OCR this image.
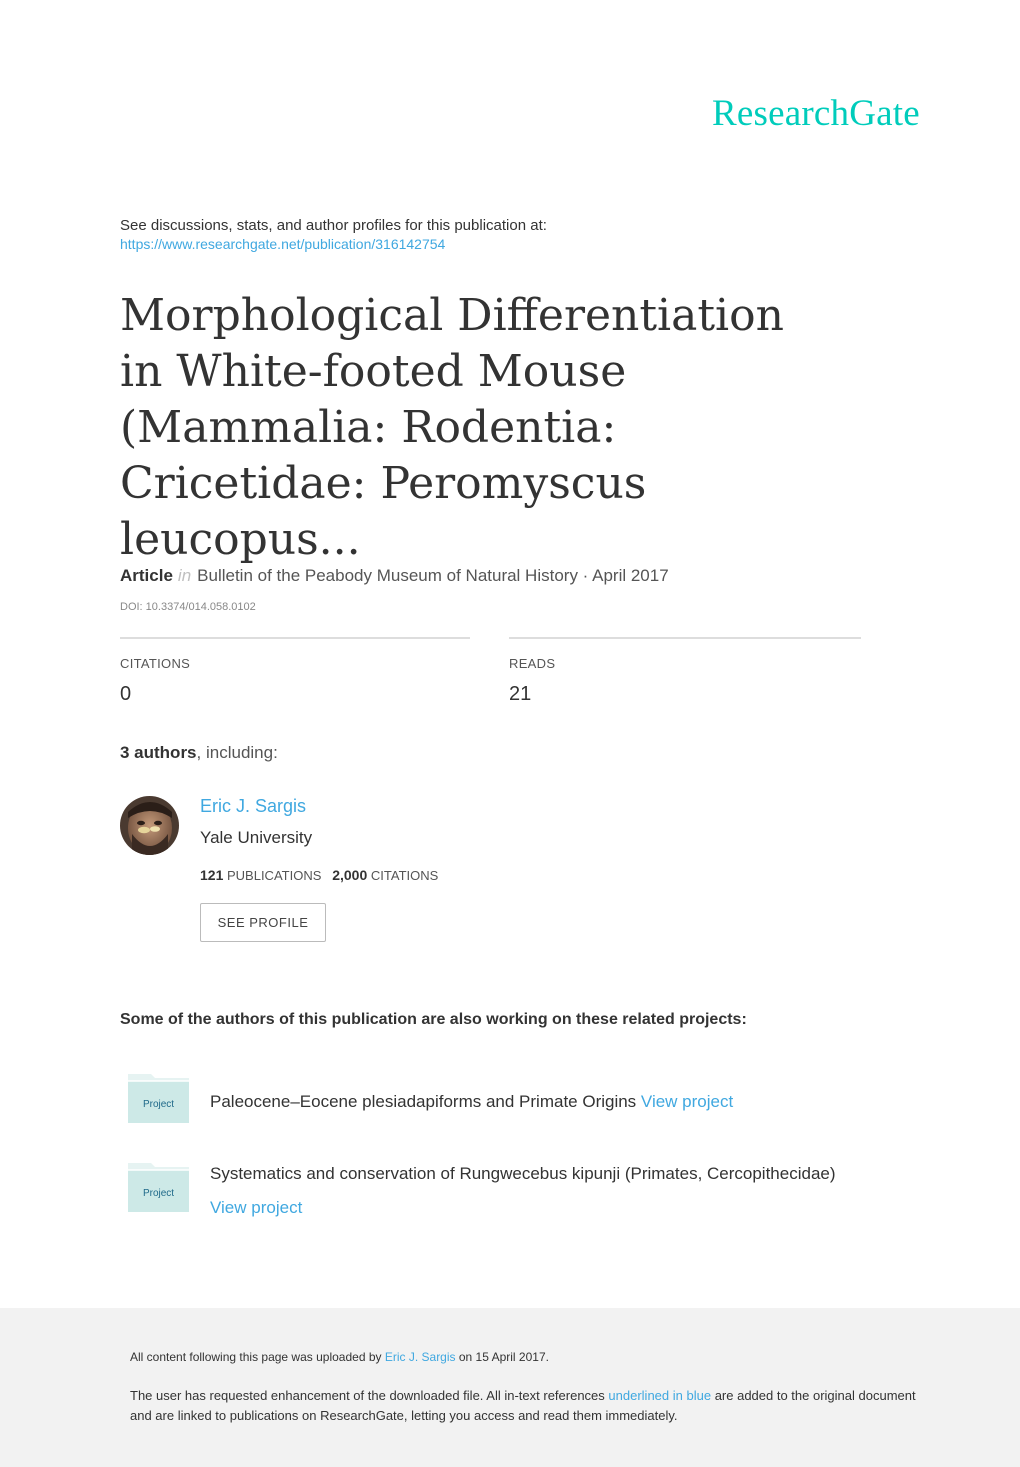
ResearchGate
See discussions, stats, and author profiles for this publication at:
https://www.researchgate.net/publication/316142754
Morphological Differentiation in White-footed Mouse (Mammalia: Rodentia: Cricetidae: Peromyscus leucopus...
Article in Bulletin of the Peabody Museum of Natural History · April 2017
DOI: 10.3374/014.058.0102
CITATIONS
0
READS
21
3 authors, including:
Eric J. Sargis
Yale University
121 PUBLICATIONS 2,000 CITATIONS
SEE PROFILE
Some of the authors of this publication are also working on these related projects:
Project Paleocene–Eocene plesiadapiforms and Primate Origins View project
Project
Systematics and conservation of Rungwecebus kipunji (Primates, Cercopithecidae)
View project
All content following this page was uploaded by Eric J. Sargis on 15 April 2017.
The user has requested enhancement of the downloaded file. All in-text references underlined in blue are added to the original document
and are linked to publications on ResearchGate, letting you access and read them immediately.
